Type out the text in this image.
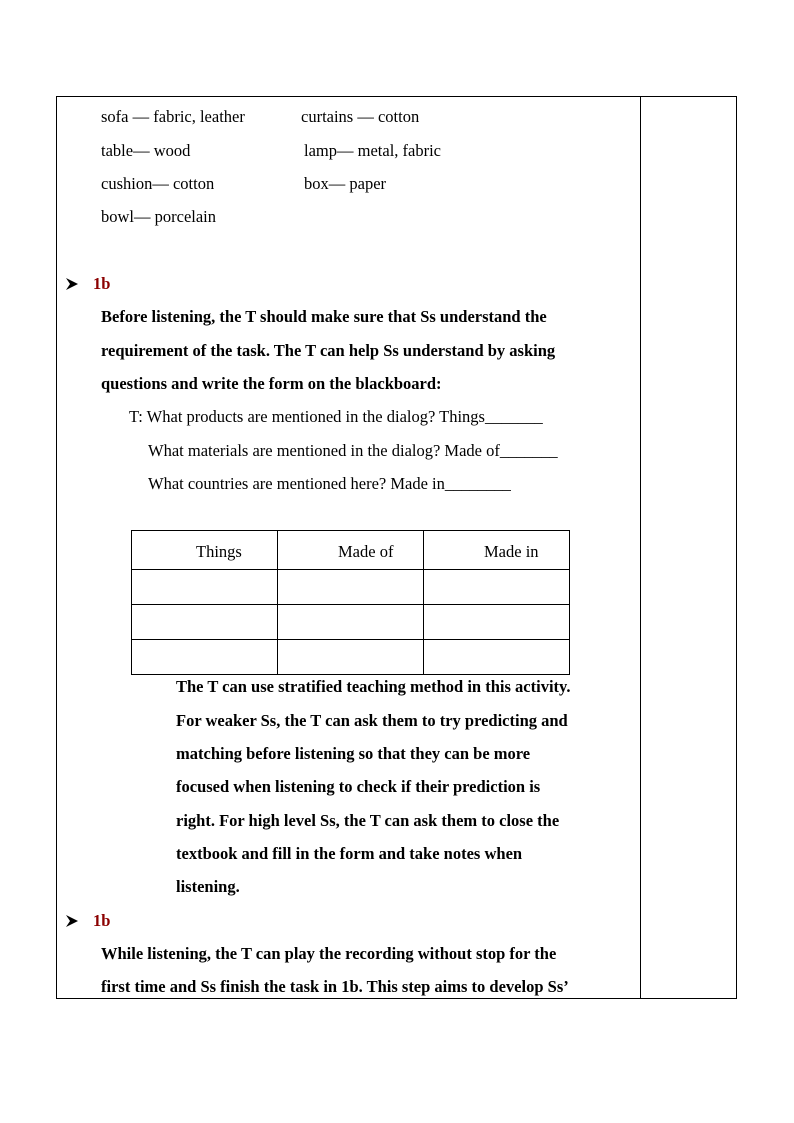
sofa — fabric, leather	curtains — cotton
table— wood	lamp— metal, fabric
cushion— cotton	box— paper
bowl— porcelain
1b
Before listening, the T should make sure that Ss understand the
requirement of the task. The T can help Ss understand by asking
questions and write the form on the blackboard:
T: What products are mentioned in the dialog? Things_______
What materials are mentioned in the dialog? Made of_______
What countries are mentioned here? Made in________
Things	Made of	Made in

The T can use stratified teaching method in this activity.
For weaker Ss, the T can ask them to try predicting and
matching before listening so that they can be more
focused when listening to check if their prediction is
right. For high level Ss, the T can ask them to close the
textbook and fill in the form and take notes when
listening.
1b
While listening, the T can play the recording without stop for the
first time and Ss finish the task in 1b. This step aims to develop Ss’
